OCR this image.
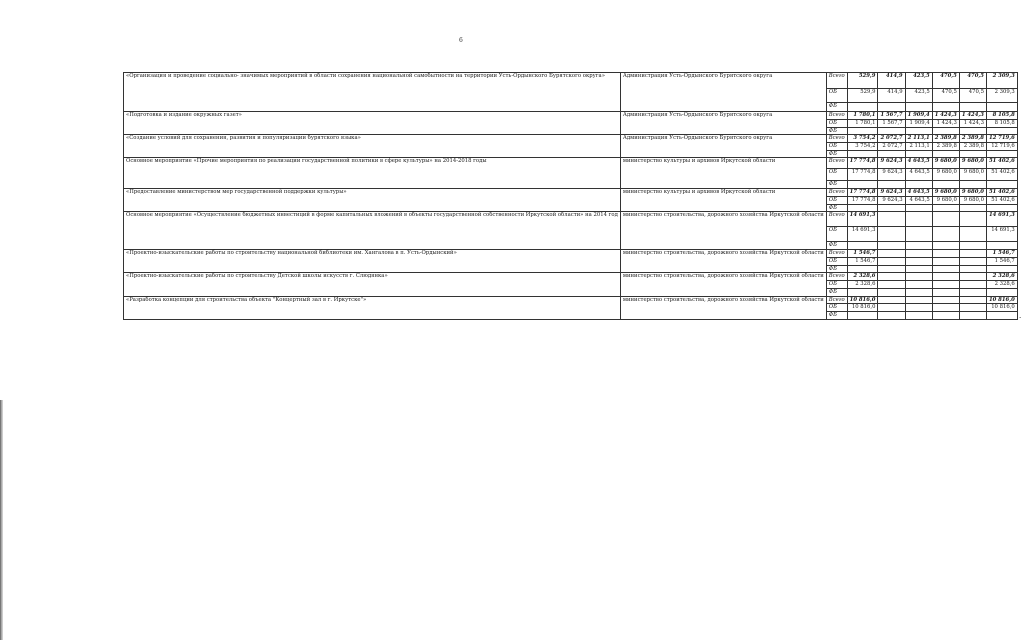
6
«Организация и проведение социально- значимых мероприятий в области сохранения национальной самобытности на территории Усть-Ордынского Бурятского округа»	Администрация Усть-Ордынского Бурятского округа	Всего	529,9	414,9	423,5	470,5	470,5	2 309,3
		ОБ	529,9	414,9	423,5	470,5	470,5	2 309,3
		ФБ						
«Подготовка и издание окружных газет»	Администрация Усть-Ордынского Бурятского округа	Всего	1 780,1	1 567,7	1 909,4	1 424,3	1 424,3	8 105,8
		ОБ	1 780,1	1 567,7	1 909,4	1 424,3	1 424,3	8 105,8
		ФБ						
«Создание условий для сохранения, развития и популяризации бурятского языка»	Администрация Усть-Ордынского Бурятского округа	Всего	3 754,2	2 072,7	2 113,1	2 389,8	2 389,8	12 719,6
		ОБ	3 754,2	2 072,7	2 113,1	2 389,8	2 389,8	12 719,6
		ФБ						
Основное мероприятие «Прочие мероприятия по реализации государственной политики в сфере культуры» на 2014-2018 годы	министерство культуры и архивов Иркутской области	Всего	17 774,8	9 624,3	4 643,5	9 680,0	9 680,0	51 402,6
		ОБ	17 774,8	9 624,3	4 643,5	9 680,0	9 680,0	51 402,6
		ФБ						
«Предоставление министерством мер государственной поддержки культуры»	министерство культуры и архивов Иркутской области	Всего	17 774,8	9 624,3	4 643,5	9 680,0	9 680,0	51 402,6
		ОБ	17 774,8	9 624,3	4 643,5	9 680,0	9 680,0	51 402,6
		ФБ						
Основное мероприятие «Осуществление бюджетных инвестиций в форме капитальных вложений в объекты государственной собственности Иркутской области» на 2014 год	министерство строительства, дорожного хозяйства Иркутской области	Всего	14 691,3					14 691,3
		ОБ	14 691,3					14 691,3
		ФБ						
«Проектно-изыскательские работы по строительству национальной библиотеки им. Хангалова в п. Усть-Ордынский»	министерство строительства, дорожного хозяйства Иркутской области	Всего	1 546,7					1 546,7
		ОБ	1 546,7					1 546,7
		ФБ						
«Проектно-изыскательские работы по строительству Детской школы искусств г. Слюдянка»	министерство строительства, дорожного хозяйства Иркутской области	Всего	2 328,6					2 328,6
		ОБ	2 328,6					2 328,6
		ФБ						
«Разработка концепции для строительства объекта "Концертный зал в г. Иркутске"»	министерство строительства, дорожного хозяйства Иркутской области	Всего	10 816,0					10 816,0
		ОБ	10 816,0					10 816,0
		ФБ						
